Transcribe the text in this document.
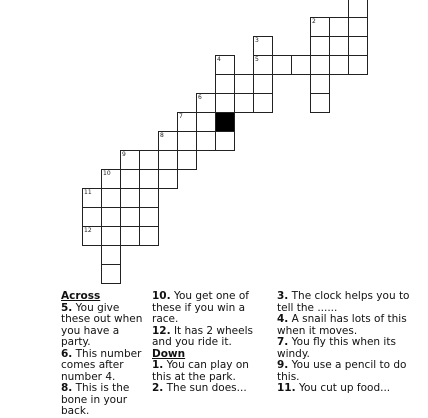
2
3
5
4
6
7
8
9
10
11
12

Across

5. You give these out when you have a party.

6. This number comes after number 4.

8. This is the bone in your back.

10. You get one of these if you win a race.

12. It has 2 wheels and you ride it.

Down

1. You can play on this at the park.

2. The sun does...

3. The clock helps you to tell the ......

4. A snail has lots of this when it moves.

7. You fly this when its windy.

9. You use a pencil to do this.

11. You cut up food...
